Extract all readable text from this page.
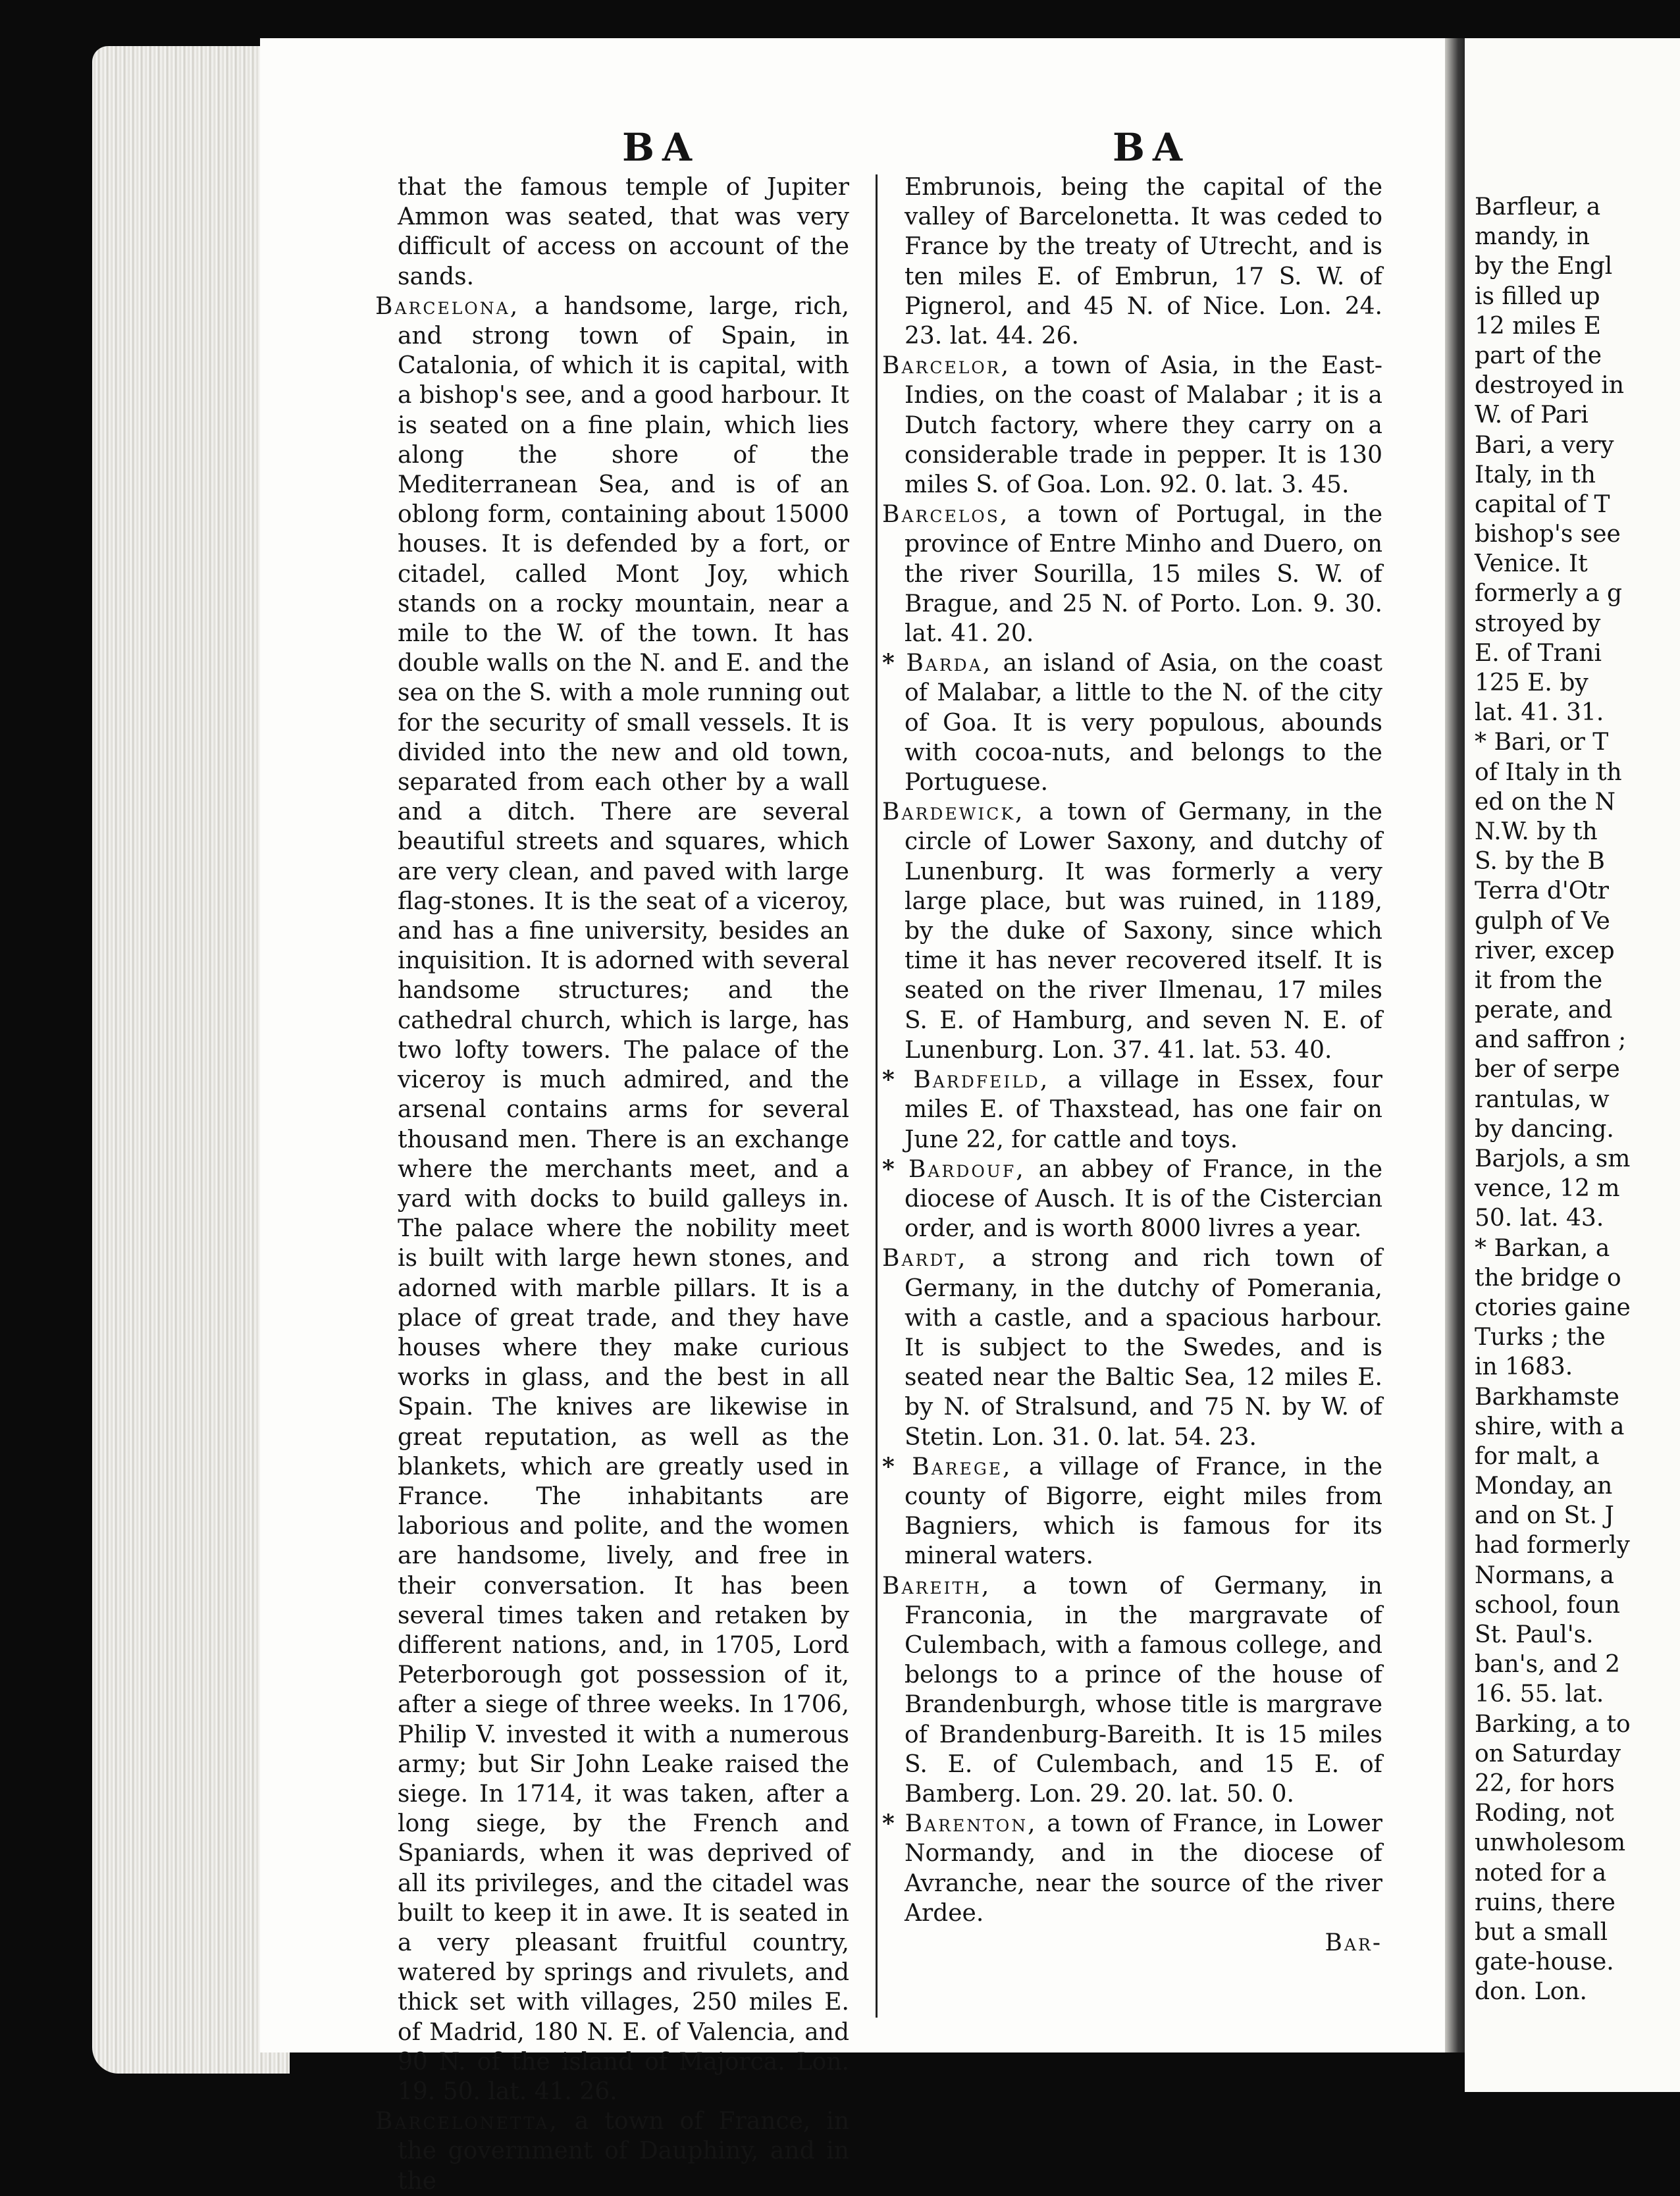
BA	BA

that the famous temple of Jupiter Ammon was seated, that was very difficult of access on account of the sands.

Barcelona, a handsome, large, rich, and strong town of Spain, in Catalonia, of which it is capital, with a bishop's see, and a good harbour. It is seated on a fine plain, which lies along the shore of the Mediterranean Sea, and is of an oblong form, containing about 15000 houses. It is defended by a fort, or citadel, called Mont Joy, which stands on a rocky mountain, near a mile to the W. of the town. It has double walls on the N. and E. and the sea on the S. with a mole running out for the security of small vessels. It is divided into the new and old town, separated from each other by a wall and a ditch. There are several beautiful streets and squares, which are very clean, and paved with large flag-stones. It is the seat of a viceroy, and has a fine university, besides an inquisition. It is adorned with several handsome structures; and the cathedral church, which is large, has two lofty towers. The palace of the viceroy is much admired, and the arsenal contains arms for several thousand men. There is an exchange where the merchants meet, and a yard with docks to build galleys in. The palace where the nobility meet is built with large hewn stones, and adorned with marble pillars. It is a place of great trade, and they have houses where they make curious works in glass, and the best in all Spain. The knives are likewise in great reputation, as well as the blankets, which are greatly used in France. The inhabitants are laborious and polite, and the women are handsome, lively, and free in their conversation. It has been several times taken and retaken by different nations, and, in 1705, Lord Peterborough got possession of it, after a siege of three weeks. In 1706, Philip V. invested it with a numerous army; but Sir John Leake raised the siege. In 1714, it was taken, after a long siege, by the French and Spaniards, when it was deprived of all its privileges, and the citadel was built to keep it in awe. It is seated in a very pleasant fruitful country, watered by springs and rivulets, and thick set with villages, 250 miles E. of Madrid, 180 N. E. of Valencia, and 90 N. of the island of Majorca. Lon. 19. 50. lat. 41. 26.

Barcelonetta, a town of France, in the government of Dauphiny, and in the

Embrunois, being the capital of the valley of Barcelonetta. It was ceded to France by the treaty of Utrecht, and is ten miles E. of Embrun, 17 S. W. of Pignerol, and 45 N. of Nice. Lon. 24. 23. lat. 44. 26.

Barcelor, a town of Asia, in the East-Indies, on the coast of Malabar ; it is a Dutch factory, where they carry on a considerable trade in pepper. It is 130 miles S. of Goa. Lon. 92. 0. lat. 3. 45.

Barcelos, a town of Portugal, in the province of Entre Minho and Duero, on the river Sourilla, 15 miles S. W. of Brague, and 25 N. of Porto. Lon. 9. 30. lat. 41. 20.

* Barda, an island of Asia, on the coast of Malabar, a little to the N. of the city of Goa. It is very populous, abounds with cocoa-nuts, and belongs to the Portuguese.

Bardewick, a town of Germany, in the circle of Lower Saxony, and dutchy of Lunenburg. It was formerly a very large place, but was ruined, in 1189, by the duke of Saxony, since which time it has never recovered itself. It is seated on the river Ilmenau, 17 miles S. E. of Hamburg, and seven N. E. of Lunenburg. Lon. 37. 41. lat. 53. 40.

* Bardfeild, a village in Essex, four miles E. of Thaxstead, has one fair on June 22, for cattle and toys.

* Bardouf, an abbey of France, in the diocese of Ausch. It is of the Cistercian order, and is worth 8000 livres a year.

Bardt, a strong and rich town of Germany, in the dutchy of Pomerania, with a castle, and a spacious harbour. It is subject to the Swedes, and is seated near the Baltic Sea, 12 miles E. by N. of Stralsund, and 75 N. by W. of Stetin. Lon. 31. 0. lat. 54. 23.

* Barege, a village of France, in the county of Bigorre, eight miles from Bagniers, which is famous for its mineral waters.

Bareith, a town of Germany, in Franconia, in the margravate of Culembach, with a famous college, and belongs to a prince of the house of Brandenburgh, whose title is margrave of Brandenburg-Bareith. It is 15 miles S. E. of Culembach, and 15 E. of Bamberg. Lon. 29. 20. lat. 50. 0.

* Barenton, a town of France, in Lower Normandy, and in the diocese of Avranche, near the source of the river Ardee.

Bar-

Barfleur, a
mandy, in
by the Engl
is filled up
12 miles E
part of the
destroyed in
W. of Pari
Bari, a very
Italy, in th
capital of T
bishop's see
Venice. It
formerly a g
stroyed by
E. of Trani
125 E. by
lat. 41. 31.
* Bari, or T
of Italy in th
ed on the N
N.W. by th
S. by the B
Terra d'Otr
gulph of Ve
river, excep
it from the
perate, and
and saffron ;
ber of serpe
rantulas, w
by dancing.
Barjols, a sm
vence, 12 m
50. lat. 43.
* Barkan, a
the bridge o
ctories gaine
Turks ; the
in 1683.
Barkhamste
shire, with a
for malt, a
Monday, an
and on St. J
had formerly
Normans, a
school, foun
St. Paul's.
ban's, and 2
16. 55. lat.
Barking, a to
on Saturday
22, for hors
Roding, not
unwholesom
noted for a
ruins, there
but a small
gate-house.
don. Lon.
